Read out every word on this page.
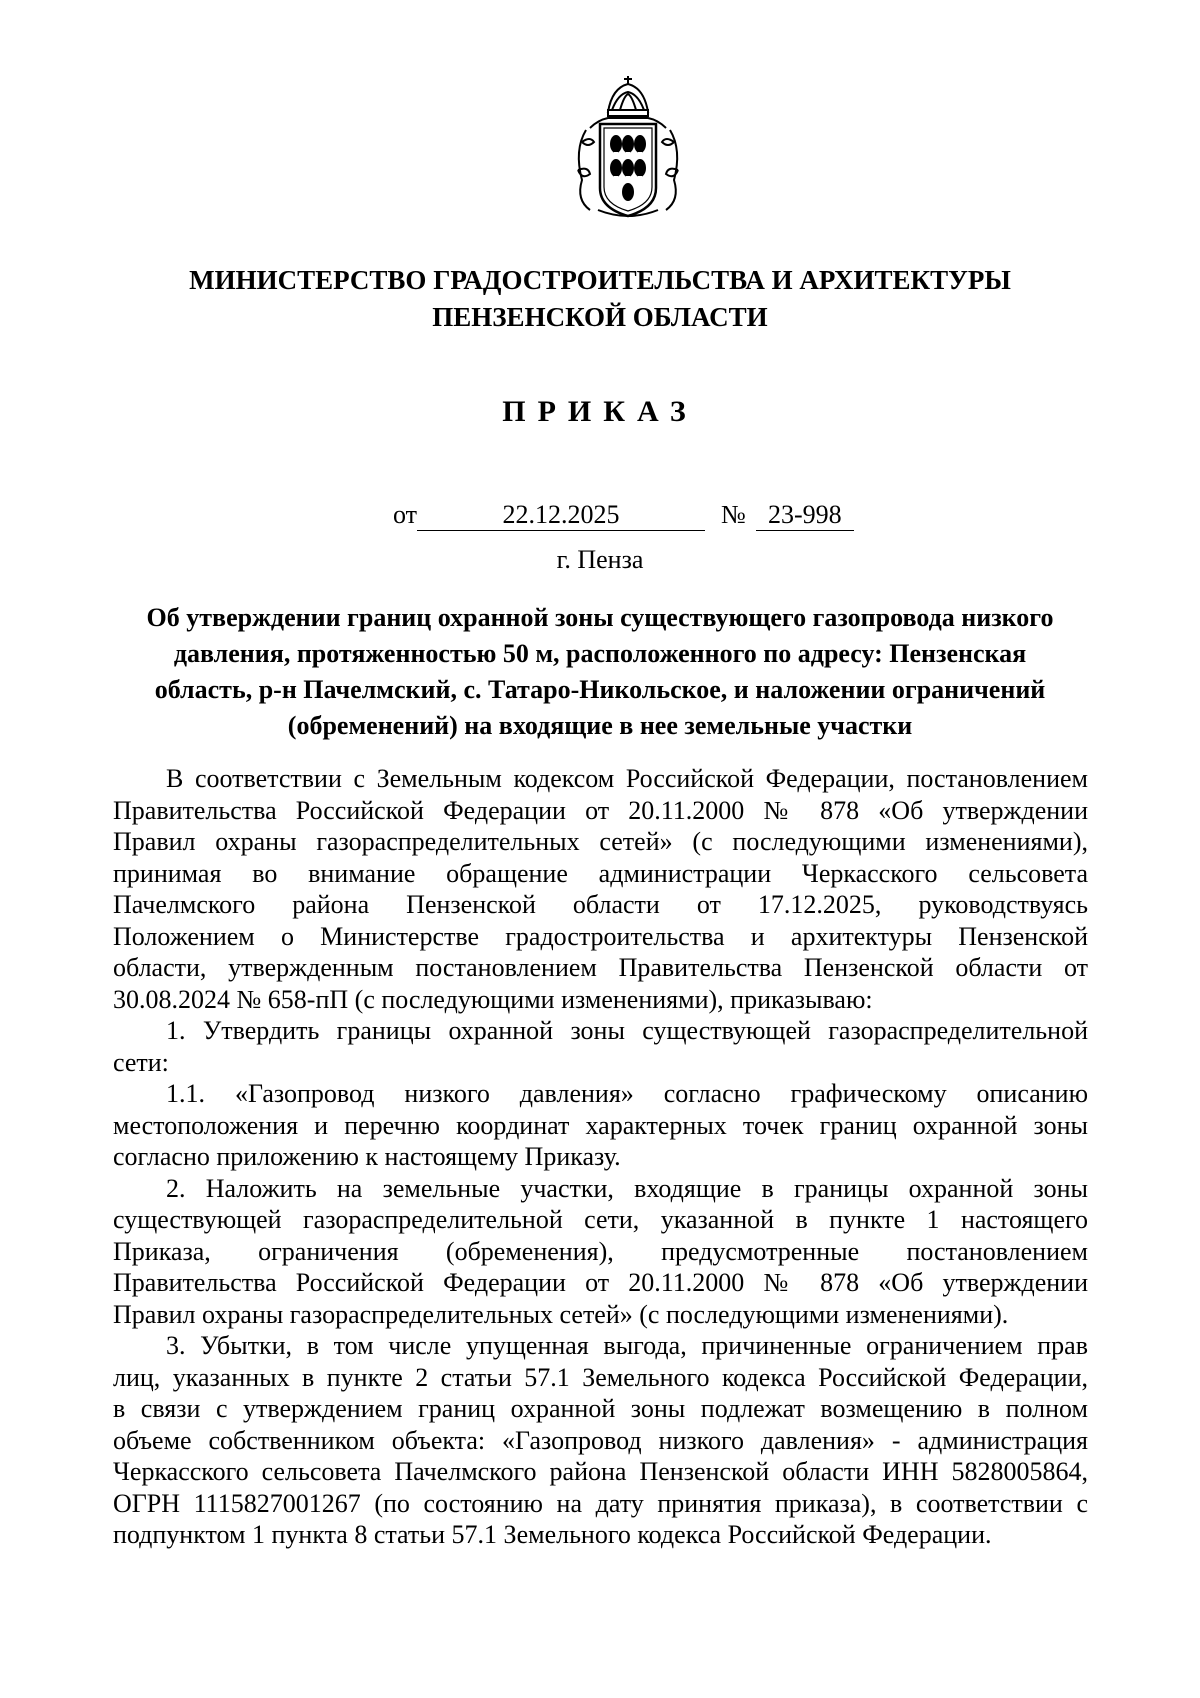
МИНИСТЕРСТВО ГРАДОСТРОИТЕЛЬСТВА И АРХИТЕКТУРЫ
ПЕНЗЕНСКОЙ ОБЛАСТИ
ПРИКАЗ
от	22.12.2025	№ 23-998
г. Пенза
Об утверждении границ охранной зоны существующего газопровода низкого
давления, протяженностью 50 м, расположенного по адресу: Пензенская
область, р-н Пачелмский, с. Татаро-Никольское, и наложении ограничений
(обременений) на входящие в нее земельные участки
В соответствии с Земельным кодексом Российской Федерации, постановлением
Правительства Российской Федерации от 20.11.2000 № 878 «Об утверждении
Правил охраны газораспределительных сетей» (с последующими изменениями),
принимая во внимание обращение администрации Черкасского сельсовета
Пачелмского района Пензенской области от 17.12.2025, руководствуясь
Положением о Министерстве градостроительства и архитектуры Пензенской
области, утвержденным постановлением Правительства Пензенской области от
30.08.2024 № 658-пП (с последующими изменениями), приказываю:
1. Утвердить границы охранной зоны существующей газораспределительной
сети:
1.1. «Газопровод низкого давления» согласно графическому описанию
местоположения и перечню координат характерных точек границ охранной зоны
согласно приложению к настоящему Приказу.
2. Наложить на земельные участки, входящие в границы охранной зоны
существующей газораспределительной сети, указанной в пункте 1 настоящего
Приказа, ограничения (обременения), предусмотренные постановлением
Правительства Российской Федерации от 20.11.2000 № 878 «Об утверждении
Правил охраны газораспределительных сетей» (с последующими изменениями).
3. Убытки, в том числе упущенная выгода, причиненные ограничением прав
лиц, указанных в пункте 2 статьи 57.1 Земельного кодекса Российской Федерации,
в связи с утверждением границ охранной зоны подлежат возмещению в полном
объеме собственником объекта: «Газопровод низкого давления» - администрация
Черкасского сельсовета Пачелмского района Пензенской области ИНН 5828005864,
ОГРН 1115827001267 (по состоянию на дату принятия приказа), в соответствии с
подпунктом 1 пункта 8 статьи 57.1 Земельного кодекса Российской Федерации.
